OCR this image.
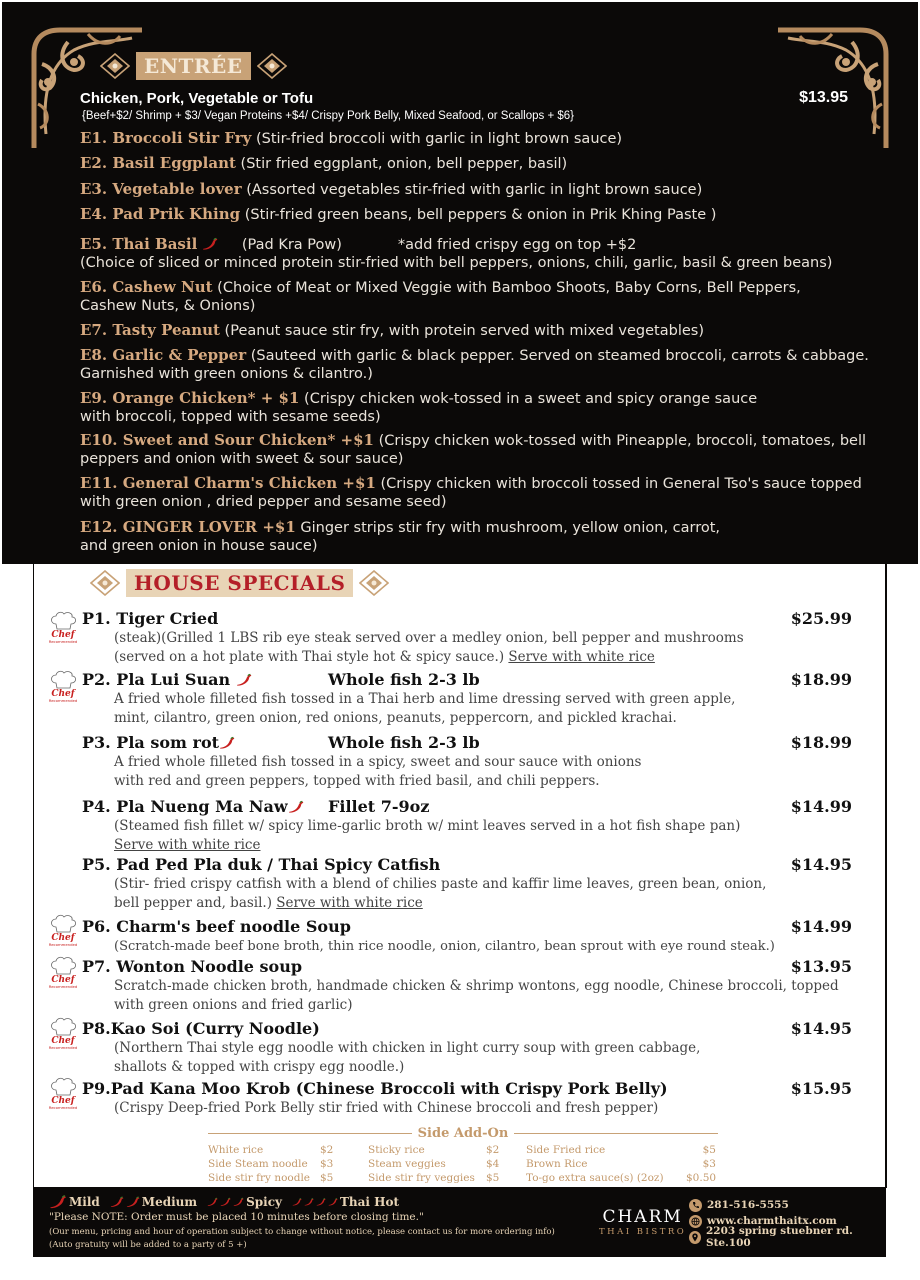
ENTRÉE
Chicken, Pork, Vegetable or Tofu	$13.95
{Beef+$2/ Shrimp + $3/ Vegan Proteins +$4/ Crispy Pork Belly, Mixed Seafood, or Scallops + $6}
E1. Broccoli Stir Fry (Stir-fried broccoli with garlic in light brown sauce)
E2. Basil Eggplant (Stir fried eggplant, onion, bell pepper, basil)
E3. Vegetable lover (Assorted vegetables stir-fried with garlic in light brown sauce)
E4. Pad Prik Khing (Stir-fried green beans, bell peppers & onion in Prik Khing Paste )
E5. Thai Basil	(Pad Kra Pow)	*add fried crispy egg on top +$2
(Choice of sliced or minced protein stir-fried with bell peppers, onions, chili, garlic, basil & green beans)
E6. Cashew Nut (Choice of Meat or Mixed Veggie with Bamboo Shoots, Baby Corns, Bell Peppers, Cashew Nuts, & Onions)
E7. Tasty Peanut (Peanut sauce stir fry, with protein served with mixed vegetables)
E8. Garlic & Pepper (Sauteed with garlic & black pepper. Served on steamed broccoli, carrots & cabbage. Garnished with green onions & cilantro.)
E9. Orange Chicken* + $1 (Crispy chicken wok-tossed in a sweet and spicy orange sauce with broccoli, topped with sesame seeds)
E10. Sweet and Sour Chicken* +$1 (Crispy chicken wok-tossed with Pineapple, broccoli, tomatoes, bell peppers and onion with sweet & sour sauce)
E11. General Charm's Chicken +$1 (Crispy chicken with broccoli tossed in General Tso's sauce topped with green onion , dried pepper and sesame seed)
E12. GINGER LOVER +$1 Ginger strips stir fry with mushroom, yellow onion, carrot, and green onion in house sauce)
HOUSE SPECIALS
P1. Tiger Cried	$25.99
(steak)(Grilled 1 LBS rib eye steak served over a medley onion, bell pepper and mushrooms (served on a hot plate with Thai style hot & spicy sauce.) Serve with white rice
P2. Pla Lui Suan	Whole fish 2-3 lb	$18.99
A fried whole filleted fish tossed in a Thai herb and lime dressing served with green apple, mint, cilantro, green onion, red onions, peanuts, peppercorn, and pickled krachai.
P3. Pla som rot	Whole fish 2-3 lb	$18.99
A fried whole filleted fish tossed in a spicy, sweet and sour sauce with onions with red and green peppers, topped with fried basil, and chili peppers.
P4. Pla Nueng Ma Naw	Fillet 7-9oz	$14.99
(Steamed fish fillet w/ spicy lime-garlic broth w/ mint leaves served in a hot fish shape pan) Serve with white rice
P5. Pad Ped Pla duk / Thai Spicy Catfish	$14.95
(Stir- fried crispy catfish with a blend of chilies paste and kaffir lime leaves, green bean, onion, bell pepper and, basil.) Serve with white rice
P6. Charm's beef noodle Soup	$14.99
(Scratch-made beef bone broth, thin rice noodle, onion, cilantro, bean sprout with eye round steak.)
P7. Wonton Noodle soup	$13.95
Scratch-made chicken broth, handmade chicken & shrimp wontons, egg noodle, Chinese broccoli, topped with green onions and fried garlic)
P8.Kao Soi (Curry Noodle)	$14.95
(Northern Thai style egg noodle with chicken in light curry soup with green cabbage, shallots & topped with crispy egg noodle.)
P9.Pad Kana Moo Krob (Chinese Broccoli with Crispy Pork Belly)	$15.95
(Crispy Deep-fried Pork Belly stir fried with Chinese broccoli and fresh pepper)
Side Add-On
White rice	$2	Sticky rice	$2	Side Fried rice	$5
Side Steam noodle	$3	Steam veggies	$4	Brown Rice	$3
Side stir fry noodle $5	Side stir fry veggies	$5	To-go extra sauce(s) (2oz)	$0.50
Mild	Medium	Spicy	Thai Hot
"Please NOTE: Order must be placed 10 minutes before closing time."
(Our menu, pricing and hour of operation subject to change without notice, please contact us for more ordering info)
(Auto gratuity will be added to a party of 5 +)
CHARM
THAI BISTRO
281-516-5555
www.charmthaitx.com
2203 spring stuebner rd. Ste.100
